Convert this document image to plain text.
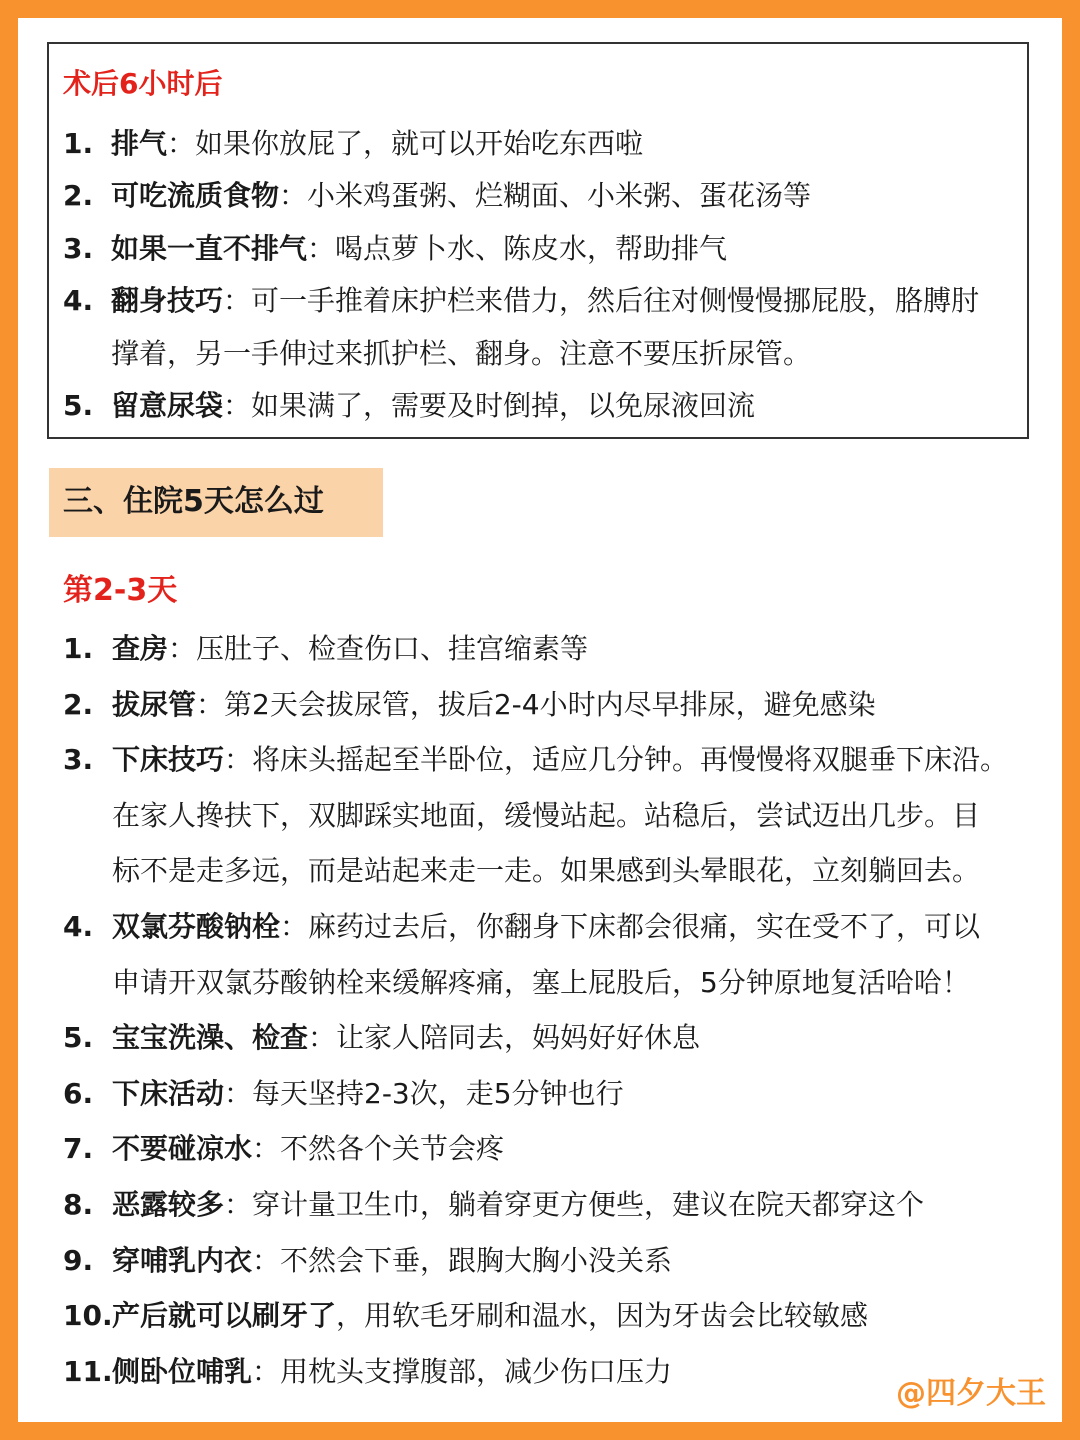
术后6小时后
1. 排气：如果你放屁了，就可以开始吃东西啦
2. 可吃流质食物：小米鸡蛋粥、烂糊面、小米粥、蛋花汤等
3. 如果一直不排气：喝点萝卜水、陈皮水，帮助排气
4. 翻身技巧：可一手推着床护栏来借力，然后往对侧慢慢挪屁股，胳膊肘
撑着，另一手伸过来抓护栏、翻身。注意不要压折尿管。
5. 留意尿袋：如果满了，需要及时倒掉，以免尿液回流
三、住院5天怎么过
第2-3天
1. 查房：压肚子、检查伤口、挂宫缩素等
2. 拔尿管：第2天会拔尿管，拔后2-4小时内尽早排尿，避免感染
3. 下床技巧：将床头摇起至半卧位，适应几分钟。再慢慢将双腿垂下床沿。
在家人搀扶下，双脚踩实地面，缓慢站起。站稳后，尝试迈出几步。目
标不是走多远，而是站起来走一走。如果感到头晕眼花，立刻躺回去。
4. 双氯芬酸钠栓：麻药过去后，你翻身下床都会很痛，实在受不了，可以
申请开双氯芬酸钠栓来缓解疼痛，塞上屁股后，5分钟原地复活哈哈！
5. 宝宝洗澡、检查：让家人陪同去，妈妈好好休息
6. 下床活动：每天坚持2-3次，走5分钟也行
7. 不要碰凉水：不然各个关节会疼
8. 恶露较多：穿计量卫生巾，躺着穿更方便些，建议在院天都穿这个
9. 穿哺乳内衣：不然会下垂，跟胸大胸小没关系
10. 产后就可以刷牙了，用软毛牙刷和温水，因为牙齿会比较敏感
11. 侧卧位哺乳：用枕头支撑腹部，减少伤口压力
@四夕大王
